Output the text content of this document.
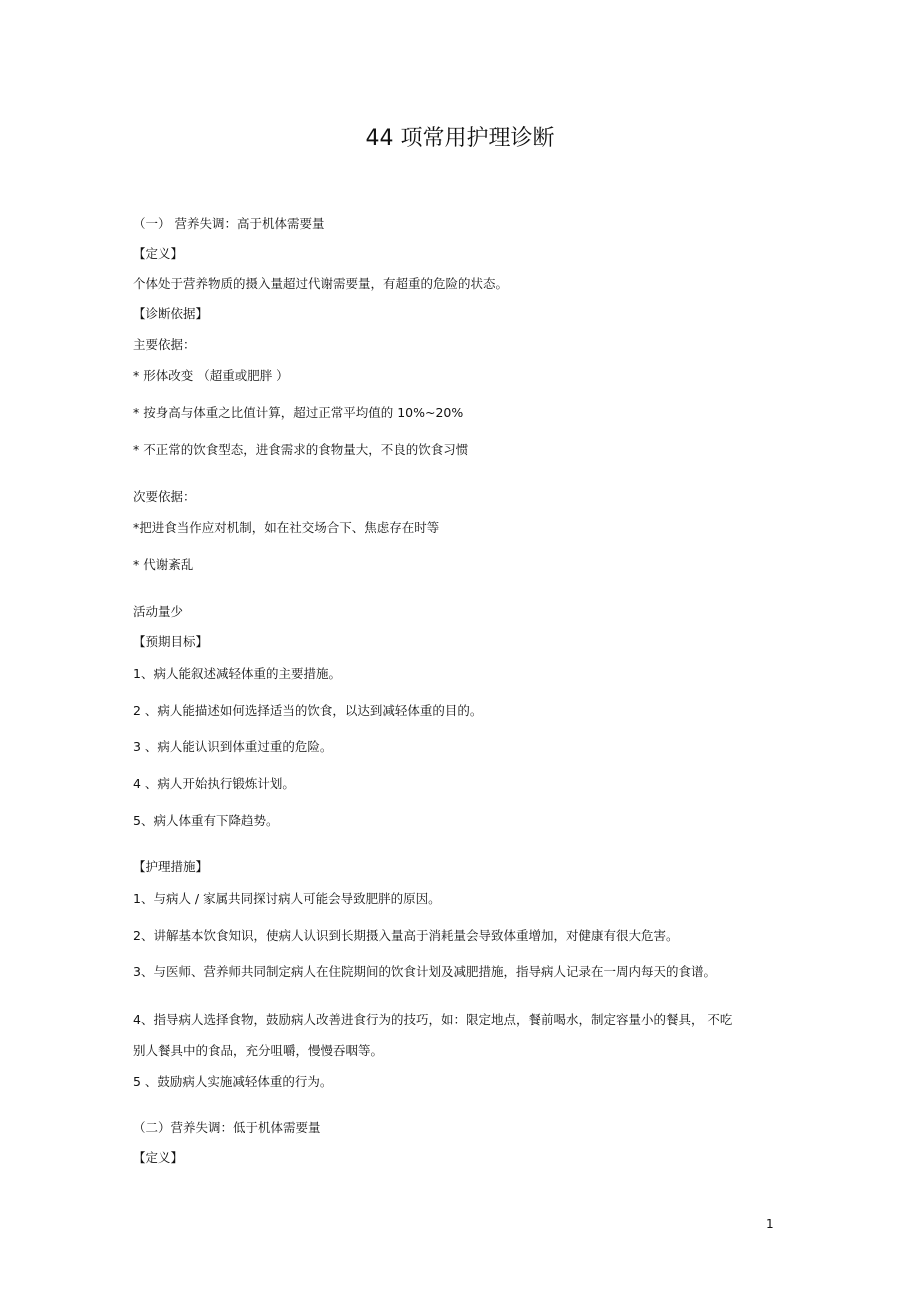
44 项常用护理诊断
（一） 营养失调：高于机体需要量
【定义】
个体处于营养物质的摄入量超过代谢需要量，有超重的危险的状态。
【诊断依据】
主要依据：
* 形体改变 （超重或肥胖 ）
* 按身高与体重之比值计算，超过正常平均值的 10%~20%
* 不正常的饮食型态，进食需求的食物量大，不良的饮食习惯
次要依据：
*把进食当作应对机制，如在社交场合下、焦虑存在时等
* 代谢紊乱
活动量少
【预期目标】
1、病人能叙述减轻体重的主要措施。
2 、病人能描述如何选择适当的饮食，以达到减轻体重的目的。
3 、病人能认识到体重过重的危险。
4 、病人开始执行锻炼计划。
5、病人体重有下降趋势。
【护理措施】
1、与病人 / 家属共同探讨病人可能会导致肥胖的原因。
2、讲解基本饮食知识，使病人认识到长期摄入量高于消耗量会导致体重增加，对健康有很大危害。
3、与医师、营养师共同制定病人在住院期间的饮食计划及减肥措施，指导病人记录在一周内每天的食谱。
4、指导病人选择食物，鼓励病人改善进食行为的技巧，如：限定地点，餐前喝水，制定容量小的餐具， 不吃
别人餐具中的食品，充分咀嚼，慢慢吞咽等。
5 、鼓励病人实施减轻体重的行为。
（二）营养失调：低于机体需要量
【定义】
1
